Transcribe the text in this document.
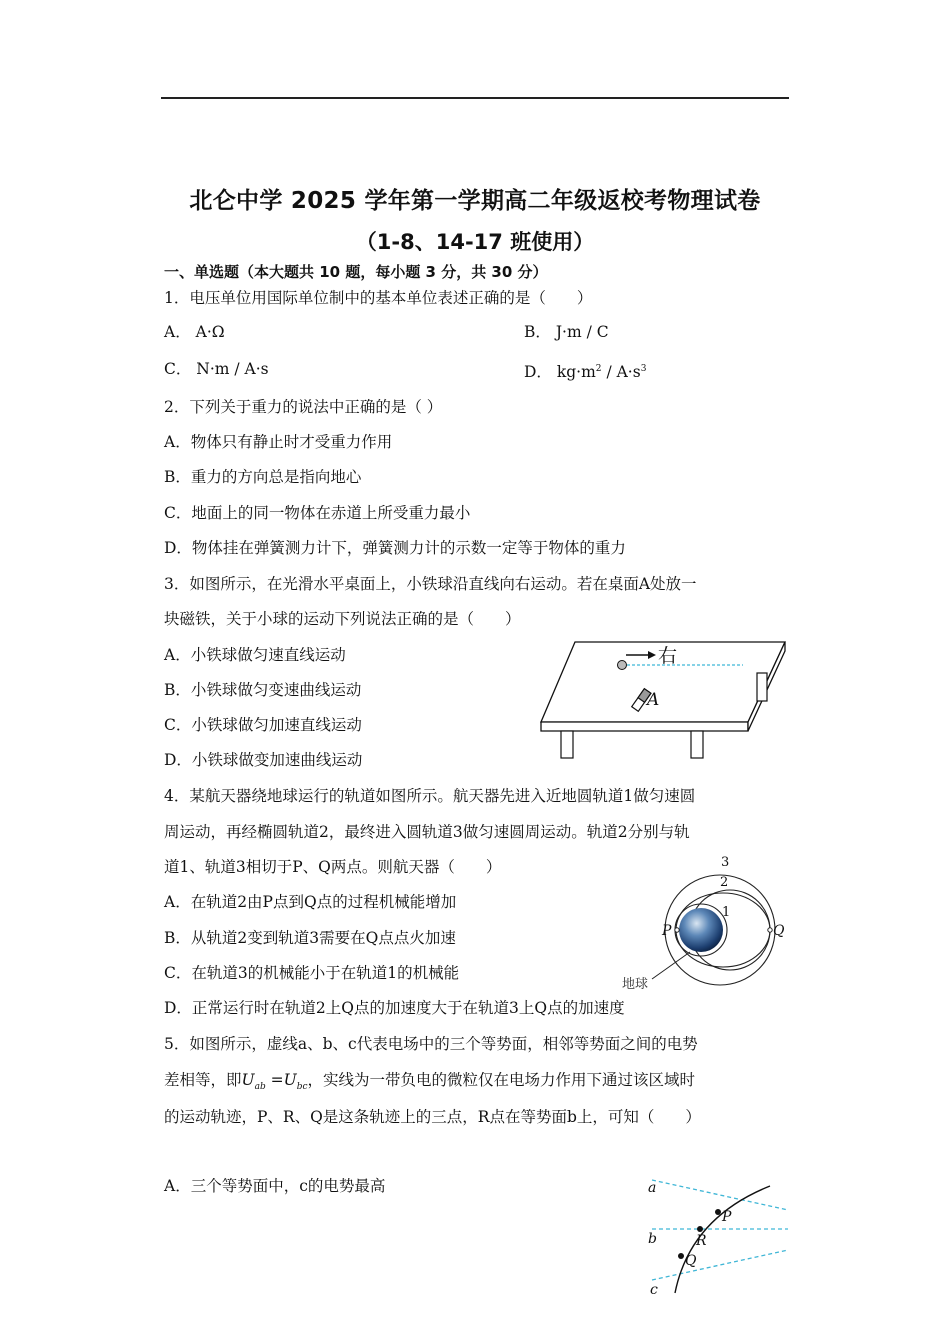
北仑中学 2025 学年第一学期高二年级返校考物理试卷
（1-8、14-17 班使用）
一、单选题（本大题共 10 题，每小题 3 分，共 30 分）
1．电压单位用国际单位制中的基本单位表述正确的是（　　）
A． A·Ω	B． J·m / C
C． N·m / A·s	D． $kg\cdot m^2 / A\cdot s^3$
2．下列关于重力的说法中正确的是（ ）
A．物体只有静止时才受重力作用
B．重力的方向总是指向地心
C．地面上的同一物体在赤道上所受重力最小
D．物体挂在弹簧测力计下，弹簧测力计的示数一定等于物体的重力
3．如图所示，在光滑水平桌面上，小铁球沿直线向右运动。若在桌面A处放一
块磁铁，关于小球的运动下列说法正确的是（　　）
A．小铁球做匀速直线运动
B．小铁球做匀变速曲线运动
C．小铁球做匀加速直线运动
D．小铁球做变加速曲线运动
右
A
4．某航天器绕地球运行的轨道如图所示。航天器先进入近地圆轨道1做匀速圆
周运动，再经椭圆轨道2，最终进入圆轨道3做匀速圆周运动。轨道2分别与轨
道1、轨道3相切于P、Q两点。则航天器（　　）
A．在轨道2由P点到Q点的过程机械能增加
B．从轨道2变到轨道3需要在Q点点火加速
C．在轨道3的机械能小于在轨道1的机械能
D．正常运行时在轨道2上Q点的加速度大于在轨道3上Q点的加速度
P	Q
1
2
3
地球
5．如图所示，虚线a、b、c代表电场中的三个等势面，相邻等势面之间的电势
差相等，即$U_{ab} =U_{bc}$，实线为一带负电的微粒仅在电场力作用下通过该区域时
的运动轨迹，P、R、Q是这条轨迹上的三点，R点在等势面b上，可知（　　）
A．三个等势面中，c的电势最高	a
b
c
P
R
Q
